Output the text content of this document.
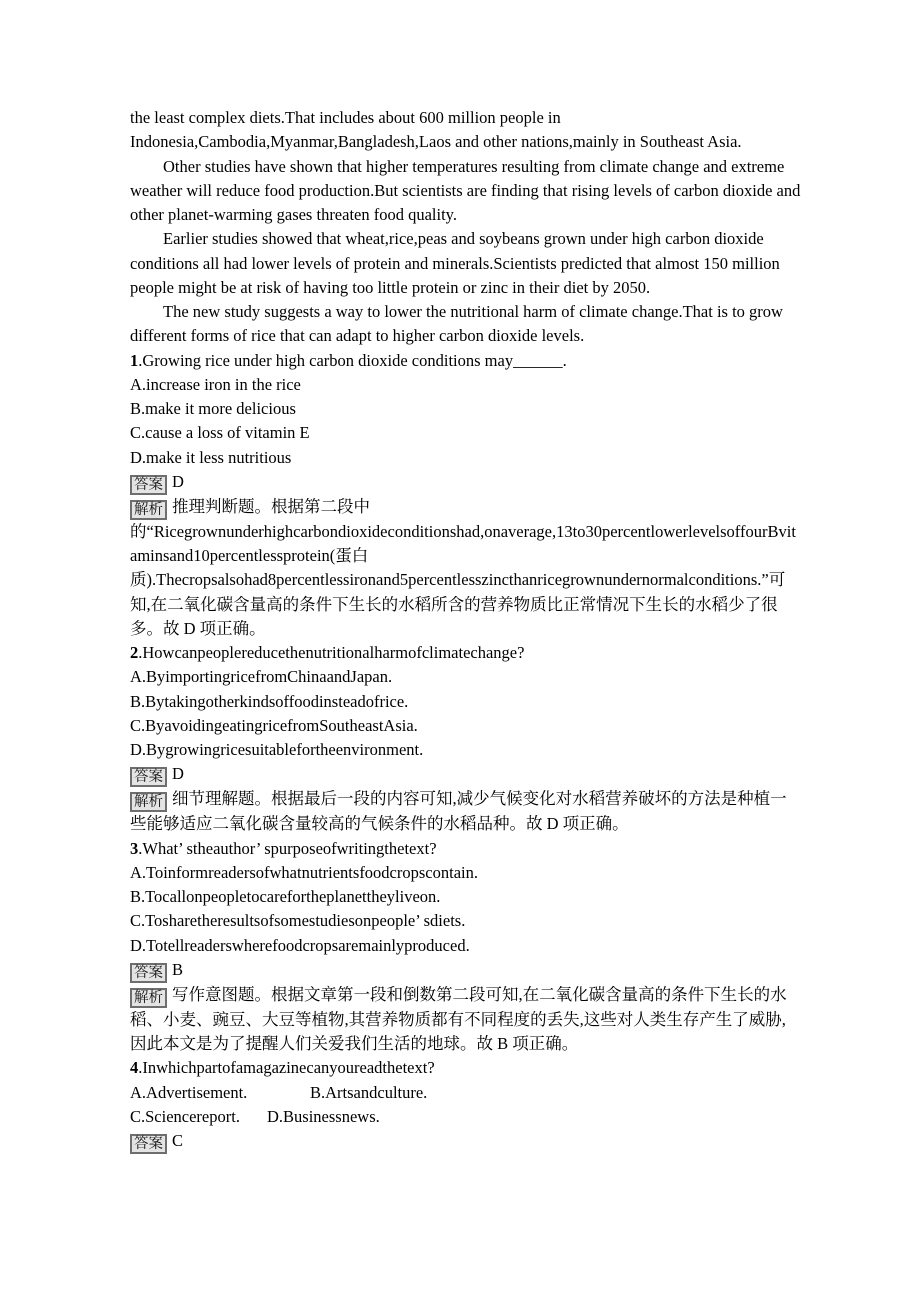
the least complex diets.That includes about 600 million people in Indonesia,Cambodia,Myanmar,Bangladesh,Laos and other nations,mainly in Southeast Asia.

Other studies have shown that higher temperatures resulting from climate change and extreme weather will reduce food production.But scientists are finding that rising levels of carbon dioxide and other planet-warming gases threaten food quality.

Earlier studies showed that wheat,rice,peas and soybeans grown under high carbon dioxide conditions all had lower levels of protein and minerals.Scientists predicted that almost 150 million people might be at risk of having too little protein or zinc in their diet by 2050.

The new study suggests a way to lower the nutritional harm of climate change.That is to grow different forms of rice that can adapt to higher carbon dioxide levels.

1.Growing rice under high carbon dioxide conditions may______.

A.increase iron in the rice

B.make it more delicious

C.cause a loss of vitamin E

D.make it less nutritious

答案 D

解析 推理判断题。根据第二段中的“Ricegrownunderhighcarbondioxideconditionshad,onaverage,13to30percentlowerlevelsoffourBvitaminsand10percentlessprotein(蛋白质).Thecropsalsohad8percentlessironand5percentlesszincthanricegrownundernormalconditions.”可知,在二氧化碳含量高的条件下生长的水稻所含的营养物质比正常情况下生长的水稻少了很多。故 D 项正确。

2.Howcanpeoplereducethenutritionalharmofclimatechange?

A.ByimportingricefromChinaandJapan.

B.Bytakingotherkindsoffoodinsteadofrice.

C.ByavoidingeatingricefromSoutheastAsia.

D.Bygrowingricesuitablefortheenvironment.

答案 D

解析 细节理解题。根据最后一段的内容可知,减少气候变化对水稻营养破坏的方法是种植一些能够适应二氧化碳含量较高的气候条件的水稻品种。故 D 项正确。

3.What’ stheauthor’ spurposeofwritingthetext?

A.Toinformreadersofwhatnutrientsfoodcropscontain.

B.Tocallonpeopletocarefortheplanettheyliveon.

C.Tosharetheresultsofsomestudiesonpeople’ sdiets.

D.Totellreaderswherefoodcropsaremainlyproduced.

答案 B

解析 写作意图题。根据文章第一段和倒数第二段可知,在二氧化碳含量高的条件下生长的水稻、小麦、豌豆、大豆等植物,其营养物质都有不同程度的丢失,这些对人类生存产生了威胁,因此本文是为了提醒人们关爱我们生活的地球。故 B 项正确。

4.Inwhichpartofamagazinecanyoureadthetext?

A.Advertisement.	B.Artsandculture.

C.Sciencereport. D.Businessnews.

答案 C
